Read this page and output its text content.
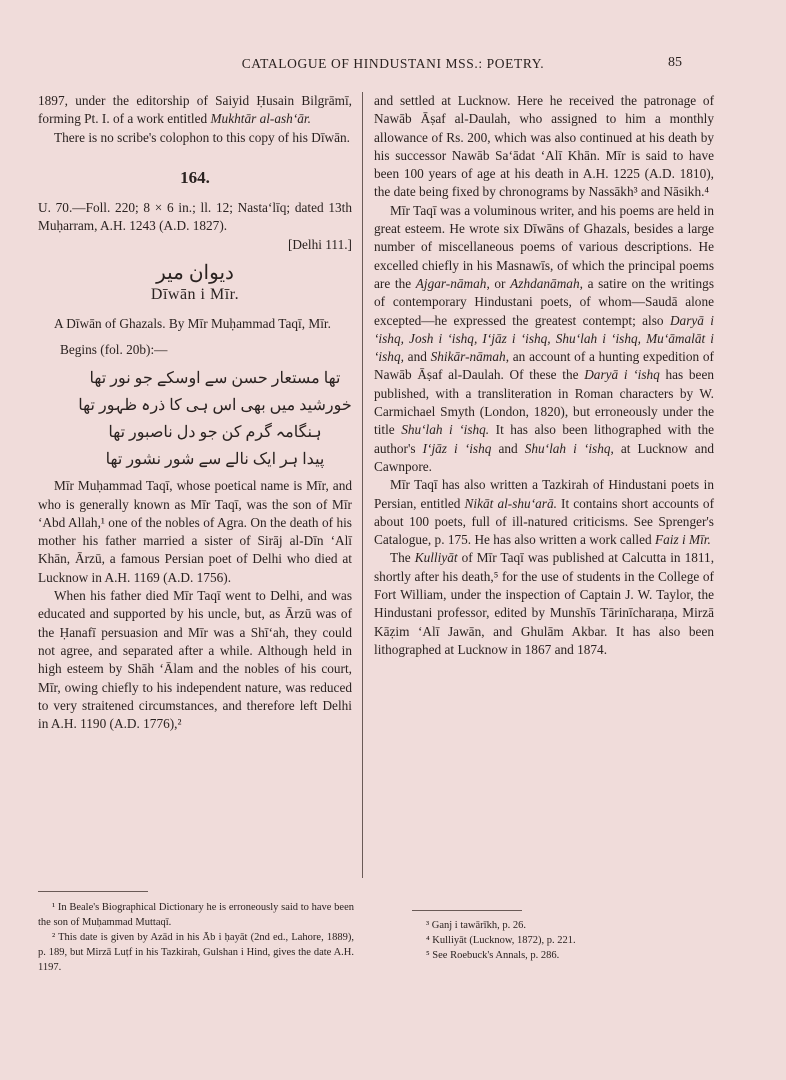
CATALOGUE OF HINDUSTANI MSS.: POETRY.	85

1897, under the editorship of Saiyid Ḥusain Bilgrāmī, forming Pt. I. of a work entitled Mukhtār al-ash‘ār.

There is no scribe's colophon to this copy of his Dīwān.

164.

U. 70.—Foll. 220; 8 × 6 in.; ll. 12; Nasta‘līq; dated 13th Muḥarram, A.H. 1243 (A.D. 1827).

[Delhi 111.]

دیوان میر
Dīwān i Mīr.

A Dīwān of Ghazals. By Mīr Muḥammad Taqī, Mīr.

Begins (fol. 20b):—

تھا مستعار حسن سے اوسکے جو نور تھا
خورشید میں بھی اس ہی کا ذرہ ظہور تھا
ہنگامہ گرم کن جو دل ناصبور تھا
پیدا ہر ایک نالے سے شور نشور تھا

Mīr Muḥammad Taqī, whose poetical name is Mīr, and who is generally known as Mīr Taqī, was the son of Mīr ‘Abd Allah,¹ one of the nobles of Agra. On the death of his mother his father married a sister of Sirāj al-Dīn ‘Alī Khān, Ārzū, a famous Persian poet of Delhi who died at Lucknow in A.H. 1169 (A.D. 1756).

When his father died Mīr Taqī went to Delhi, and was educated and supported by his uncle, but, as Ārzū was of the Ḥanafī persuasion and Mīr was a Shī‘ah, they could not agree, and separated after a while. Although held in high esteem by Shāh ‘Ālam and the nobles of his court, Mīr, owing chiefly to his independent nature, was reduced to very straitened circumstances, and therefore left Delhi in A.H. 1190 (A.D. 1776),²

and settled at Lucknow. Here he received the patronage of Nawāb Āṣaf al-Daulah, who assigned to him a monthly allowance of Rs. 200, which was also continued at his death by his successor Nawāb Sa‘ādat ‘Alī Khān. Mīr is said to have been 100 years of age at his death in A.H. 1225 (A.D. 1810), the date being fixed by chronograms by Nassākh³ and Nāsikh.⁴

Mīr Taqī was a voluminous writer, and his poems are held in great esteem. He wrote six Dīwāns of Ghazals, besides a large number of miscellaneous poems of various descriptions. He excelled chiefly in his Masnawīs, of which the principal poems are the Ajgar-nāmah, or Azhdanāmah, a satire on the writings of contemporary Hindustani poets, of whom—Saudā alone excepted—he expressed the greatest contempt; also Daryā i ‘ishq, Josh i ‘ishq, I‘jāz i ‘ishq, Shu‘lah i ‘ishq, Mu‘āmalāt i ‘ishq, and Shikār-nāmah, an account of a hunting expedition of Nawāb Āṣaf al-Daulah. Of these the Daryā i ‘ishq has been published, with a transliteration in Roman characters by W. Carmichael Smyth (London, 1820), but erroneously under the title Shu‘lah i ‘ishq. It has also been lithographed with the author's I‘jāz i ‘ishq and Shu‘lah i ‘ishq, at Lucknow and Cawnpore.

Mīr Taqī has also written a Tazkirah of Hindustani poets in Persian, entitled Nikāt al-shu‘arā. It contains short accounts of about 100 poets, full of ill-natured criticisms. See Sprenger's Catalogue, p. 175. He has also written a work called Faiz i Mīr.

The Kulliyāt of Mīr Taqī was published at Calcutta in 1811, shortly after his death,⁵ for the use of students in the College of Fort William, under the inspection of Captain J. W. Taylor, the Hindustani professor, edited by Munshīs Tārinīcharaṇa, Mirzā Kāẓim ‘Alī Jawān, and Ghulām Akbar. It has also been lithographed at Lucknow in 1867 and 1874.

¹ In Beale's Biographical Dictionary he is erroneously said to have been the son of Muḥammad Muttaqī.

² This date is given by Azād in his Āb i ḥayāt (2nd ed., Lahore, 1889), p. 189, but Mirzā Luṭf in his Tazkirah, Gulshan i Hind, gives the date A.H. 1197.

³ Ganj i tawārīkh, p. 26.

⁴ Kulliyāt (Lucknow, 1872), p. 221.

⁵ See Roebuck's Annals, p. 286.
